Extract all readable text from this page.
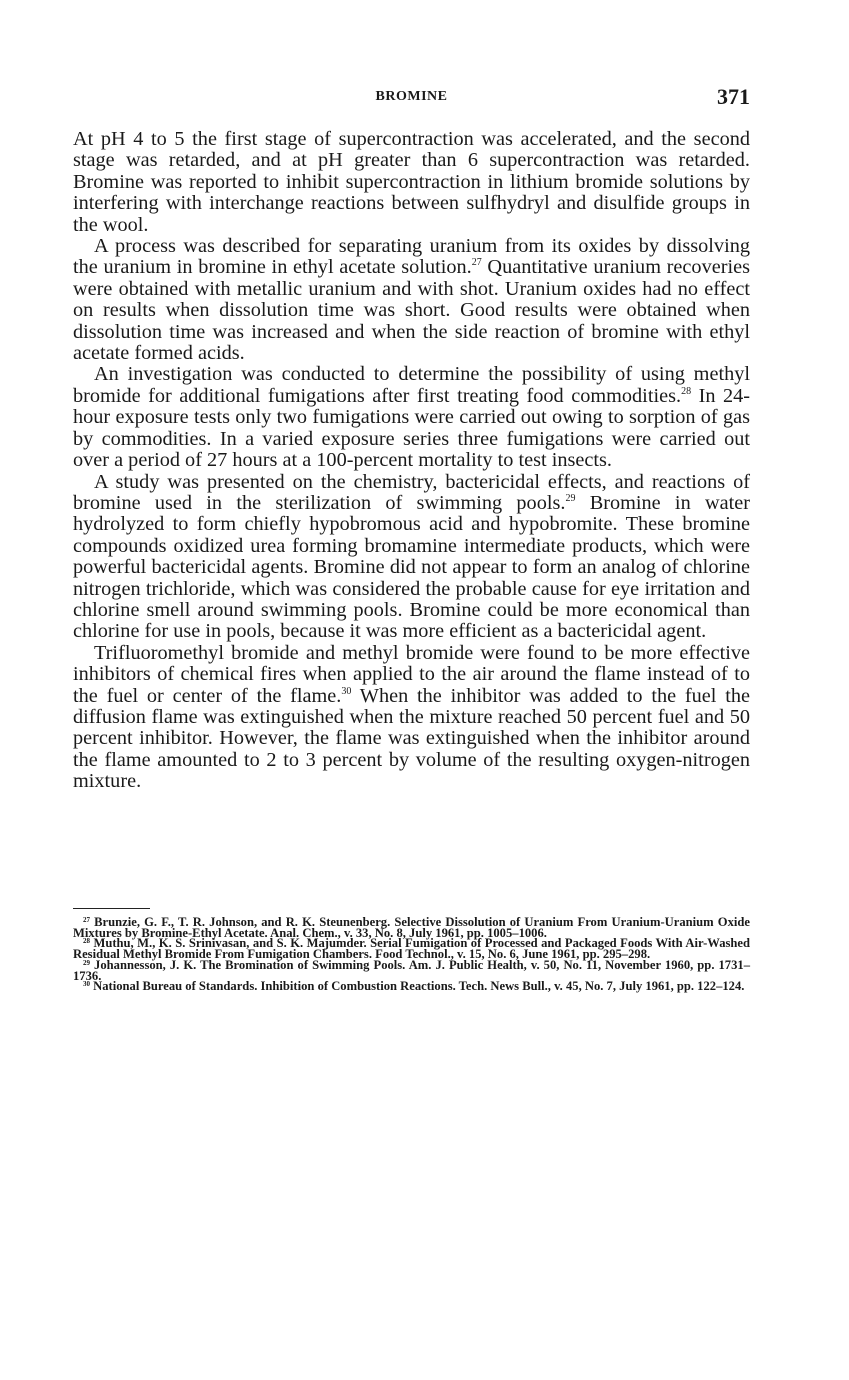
BROMINE	371

At pH 4 to 5 the first stage of supercontraction was accelerated, and the second stage was retarded, and at pH greater than 6 supercontraction was retarded. Bromine was reported to inhibit supercontraction in lithium bromide solutions by interfering with interchange reactions between sulfhydryl and disulfide groups in the wool.

A process was described for separating uranium from its oxides by dissolving the uranium in bromine in ethyl acetate solution.$^{27}$ Quantitative uranium recoveries were obtained with metallic uranium and with shot. Uranium oxides had no effect on results when dissolution time was short. Good results were obtained when dissolution time was increased and when the side reaction of bromine with ethyl acetate formed acids.

An investigation was conducted to determine the possibility of using methyl bromide for additional fumigations after first treating food commodities.$^{28}$ In 24-hour exposure tests only two fumigations were carried out owing to sorption of gas by commodities. In a varied exposure series three fumigations were carried out over a period of 27 hours at a 100-percent mortality to test insects.

A study was presented on the chemistry, bactericidal effects, and reactions of bromine used in the sterilization of swimming pools.$^{29}$ Bromine in water hydrolyzed to form chiefly hypobromous acid and hypobromite. These bromine compounds oxidized urea forming bromamine intermediate products, which were powerful bactericidal agents. Bromine did not appear to form an analog of chlorine nitrogen trichloride, which was considered the probable cause for eye irritation and chlorine smell around swimming pools. Bromine could be more economical than chlorine for use in pools, because it was more efficient as a bactericidal agent.

Trifluoromethyl bromide and methyl bromide were found to be more effective inhibitors of chemical fires when applied to the air around the flame instead of to the fuel or center of the flame.$^{30}$ When the inhibitor was added to the fuel the diffusion flame was extinguished when the mixture reached 50 percent fuel and 50 percent inhibitor. However, the flame was extinguished when the inhibitor around the flame amounted to 2 to 3 percent by volume of the resulting oxygen-nitrogen mixture.

$^{27}$ Brunzie, G. F., T. R. Johnson, and R. K. Steunenberg. Selective Dissolution of Uranium From Uranium-Uranium Oxide Mixtures by Bromine-Ethyl Acetate. Anal. Chem., v. 33, No. 8, July 1961, pp. 1005–1006.

$^{28}$ Muthu, M., K. S. Srinivasan, and S. K. Majumder. Serial Fumigation of Processed and Packaged Foods With Air-Washed Residual Methyl Bromide From Fumigation Chambers. Food Technol., v. 15, No. 6, June 1961, pp. 295–298.

$^{29}$ Johannesson, J. K. The Bromination of Swimming Pools. Am. J. Public Health, v. 50, No. 11, November 1960, pp. 1731–1736.

$^{30}$ National Bureau of Standards. Inhibition of Combustion Reactions. Tech. News Bull., v. 45, No. 7, July 1961, pp. 122–124.
